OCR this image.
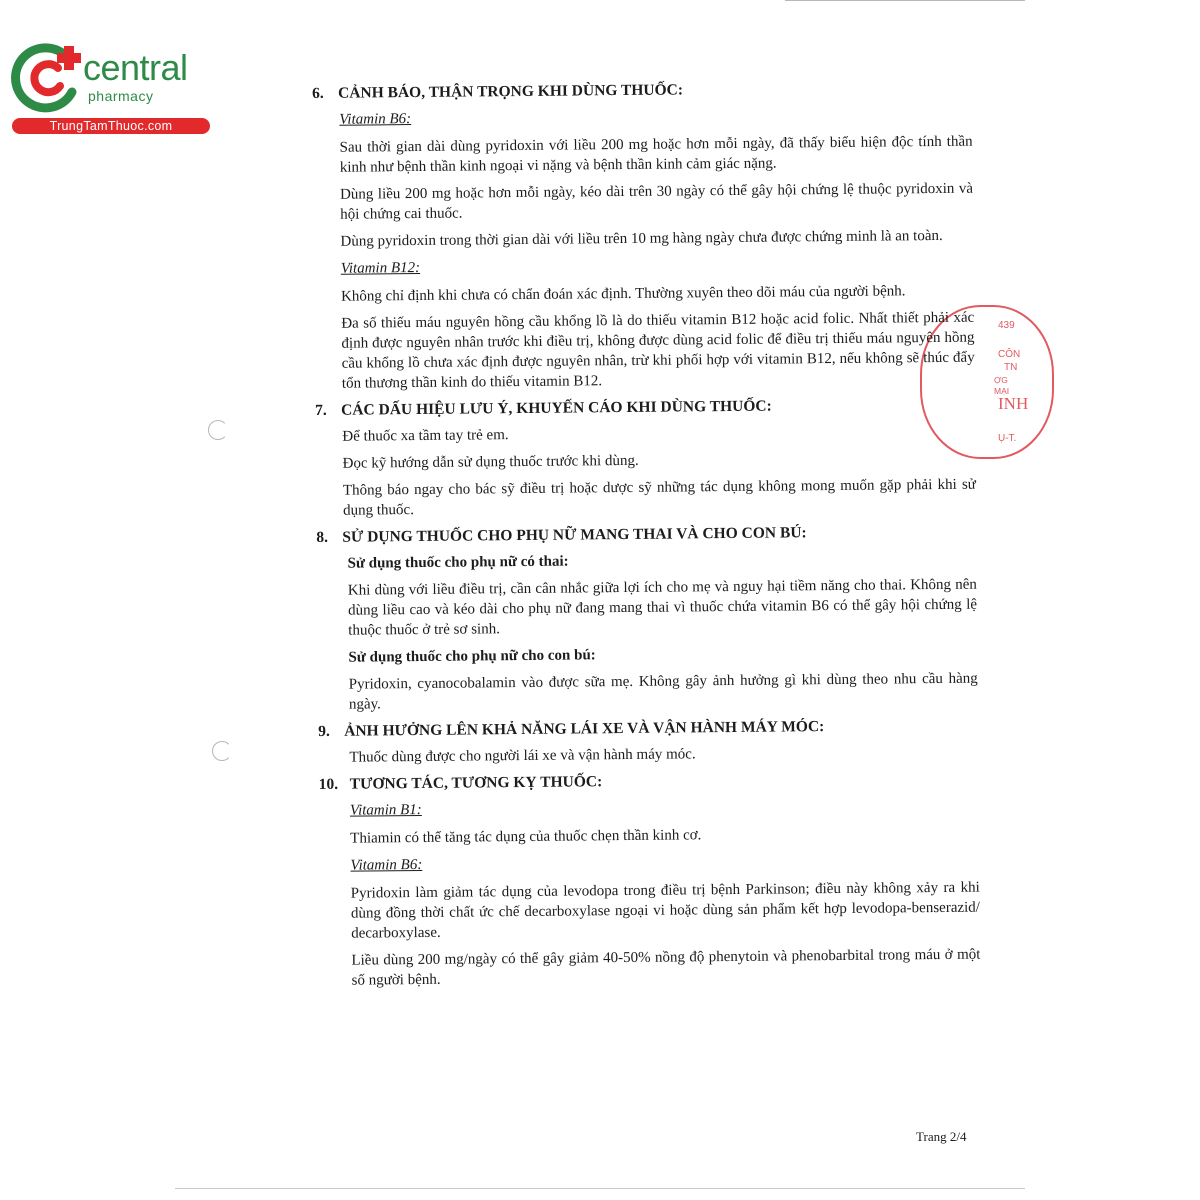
central
pharmacy
TrungTamThuoc.com
439
CÔN
TN
ỢG MẠI
INH
Ụ-T.
6. CẢNH BÁO, THẬN TRỌNG KHI DÙNG THUỐC:
Vitamin B6:
Sau thời gian dài dùng pyridoxin với liều 200 mg hoặc hơn mỗi ngày, đã thấy biểu hiện độc tính thần kinh như bệnh thần kinh ngoại vi nặng và bệnh thần kinh cảm giác nặng.
Dùng liều 200 mg hoặc hơn mỗi ngày, kéo dài trên 30 ngày có thể gây hội chứng lệ thuộc pyridoxin và hội chứng cai thuốc.
Dùng pyridoxin trong thời gian dài với liều trên 10 mg hàng ngày chưa được chứng minh là an toàn.
Vitamin B12:
Không chỉ định khi chưa có chẩn đoán xác định. Thường xuyên theo dõi máu của người bệnh.
Đa số thiếu máu nguyên hồng cầu khổng lồ là do thiếu vitamin B12 hoặc acid folic. Nhất thiết phải xác định được nguyên nhân trước khi điều trị, không được dùng acid folic để điều trị thiếu máu nguyên hồng cầu khổng lồ chưa xác định được nguyên nhân, trừ khi phối hợp với vitamin B12, nếu không sẽ thúc đẩy tổn thương thần kinh do thiếu vitamin B12.
7. CÁC DẤU HIỆU LƯU Ý, KHUYẾN CÁO KHI DÙNG THUỐC:
Để thuốc xa tầm tay trẻ em.
Đọc kỹ hướng dẫn sử dụng thuốc trước khi dùng.
Thông báo ngay cho bác sỹ điều trị hoặc dược sỹ những tác dụng không mong muốn gặp phải khi sử dụng thuốc.
8. SỬ DỤNG THUỐC CHO PHỤ NỮ MANG THAI VÀ CHO CON BÚ:
Sử dụng thuốc cho phụ nữ có thai:
Khi dùng với liều điều trị, cần cân nhắc giữa lợi ích cho mẹ và nguy hại tiềm năng cho thai. Không nên dùng liều cao và kéo dài cho phụ nữ đang mang thai vì thuốc chứa vitamin B6 có thể gây hội chứng lệ thuộc thuốc ở trẻ sơ sinh.
Sử dụng thuốc cho phụ nữ cho con bú:
Pyridoxin, cyanocobalamin vào được sữa mẹ. Không gây ảnh hưởng gì khi dùng theo nhu cầu hàng ngày.
9. ẢNH HƯỞNG LÊN KHẢ NĂNG LÁI XE VÀ VẬN HÀNH MÁY MÓC:
Thuốc dùng được cho người lái xe và vận hành máy móc.
10. TƯƠNG TÁC, TƯƠNG KỴ THUỐC:
Vitamin B1:
Thiamin có thể tăng tác dụng của thuốc chẹn thần kinh cơ.
Vitamin B6:
Pyridoxin làm giảm tác dụng của levodopa trong điều trị bệnh Parkinson; điều này không xảy ra khi dùng đồng thời chất ức chế decarboxylase ngoại vi hoặc dùng sản phẩm kết hợp levodopa-benserazid/ decarboxylase.
Liều dùng 200 mg/ngày có thể gây giảm 40-50% nồng độ phenytoin và phenobarbital trong máu ở một số người bệnh.
Trang 2/4
